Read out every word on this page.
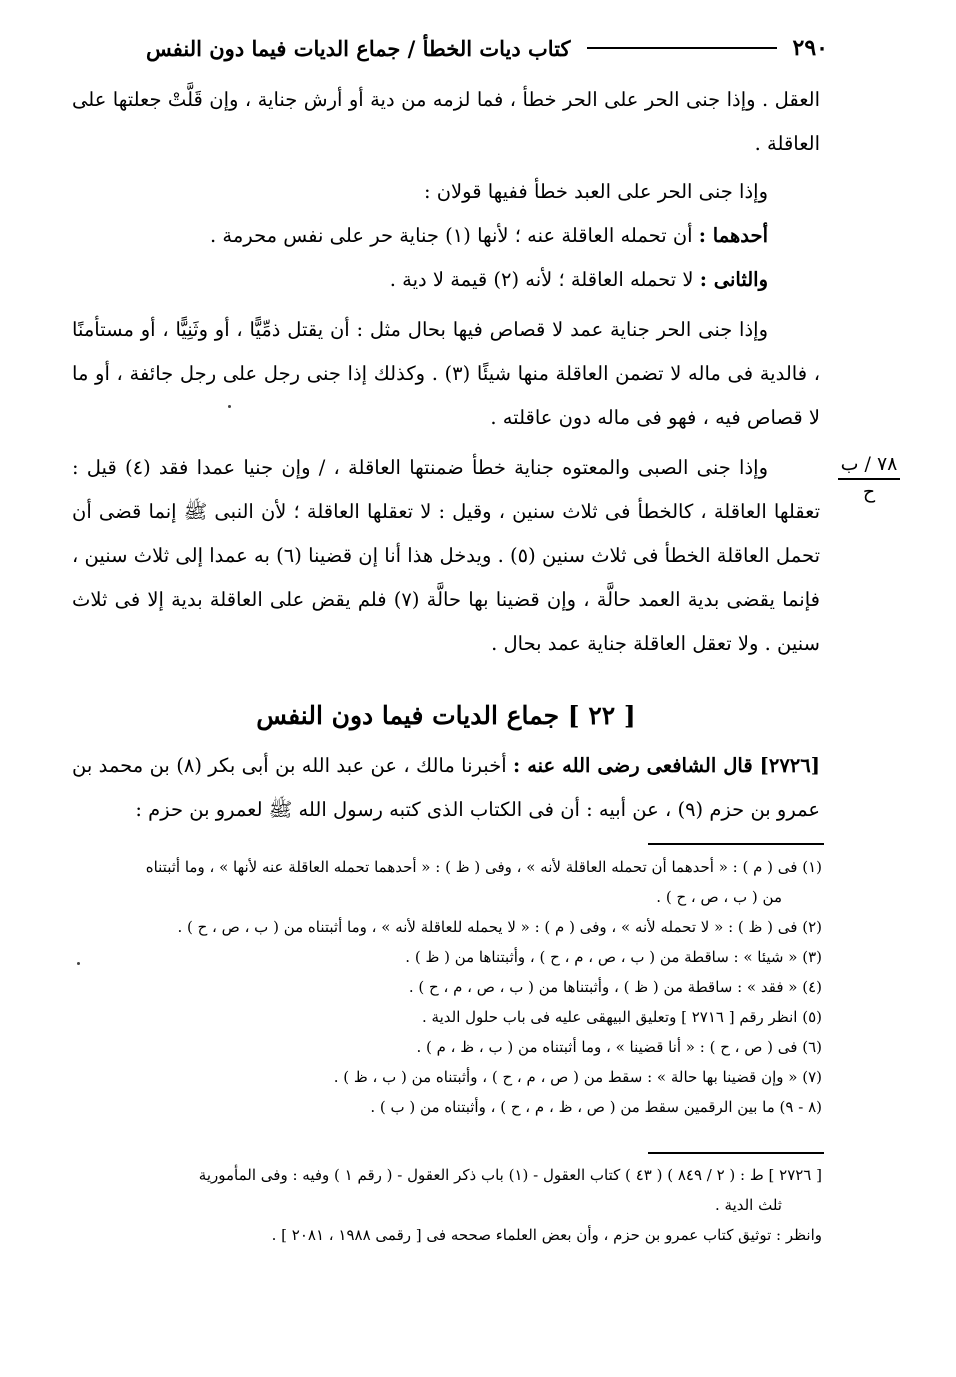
٢٩٠
كتاب ديات الخطأ / جماع الديات فيما دون النفس

العقل . وإذا جنى الحر على الحر خطأ ، فما لزمه من دية أو أرش جناية ، وإن قَلَّتْ جعلتها على العاقلة .

وإذا جنى الحر على العبد خطأ ففيها قولان :

أحدهما : أن تحمله العاقلة عنه ؛ لأنها (١) جناية حر على نفس محرمة .

والثانى : لا تحمله العاقلة ؛ لأنه (٢) قيمة لا دية .

وإذا جنى الحر جناية عمد لا قصاص فيها بحال مثل : أن يقتل ذمِّيًّا ، أو وثَنِيًّا ، أو مستأمنًا ، فالدية فى ماله لا تضمن العاقلة منها شيئًا (٣) . وكذلك إذا جنى رجل على رجل جائفة ، أو ما لا قصاص فيه ، فهو فى ماله دون عاقلته .

وإذا جنى الصبى والمعتوه جناية خطأ ضمنتها العاقلة ، / وإن جنيا عمدا فقد (٤) قيل : تعقلها العاقلة ، كالخطأ فى ثلاث سنين ، وقيل : لا تعقلها العاقلة ؛ لأن النبى ﷺ إنما قضى أن تحمل العاقلة الخطأ فى ثلاث سنين (٥) . ويدخل هذا أنا إن قضينا (٦) به عمدا إلى ثلاث سنين ، فإنما يقضى بدية العمد حالَّة ، وإن قضينا بها حالَّة (٧) فلم يقض على العاقلة بدية إلا فى ثلاث سنين . ولا تعقل العاقلة جناية عمد بحال .

٧٨ / ب
ح
[ ٢٢ ] جماع الديات فيما دون النفس

[٢٧٢٦] قال الشافعى رضى الله عنه : أخبرنا مالك ، عن عبد الله بن أبى بكر (٨) بن محمد بن عمرو بن حزم (٩) ، عن أبيه : أن فى الكتاب الذى كتبه رسول الله ﷺ لعمرو بن حزم :

(١) فى ( م ) : « أحدهما أن تحمله العاقلة لأنه » ، وفى ( ظ ) : « أحدهما تحمله العاقلة عنه لأنها » ، وما أثبتناه

من ( ب ، ص ، ح ) .

(٢) فى ( ظ ) : « لا تحمله لأنه » ، وفى ( م ) : « لا يحمله للعاقلة لأنه » ، وما أثبتناه من ( ب ، ص ، ح ) .

(٣) « شيئا » : ساقطة من ( ب ، ص ، م ، ح ) ، وأثبتناها من ( ظ ) .

(٤) « فقد » : ساقطة من ( ظ ) ، وأثبتناها من ( ب ، ص ، م ، ح ) .

(٥) انظر رقم [ ٢٧١٦ ] وتعليق البيهقى عليه فى باب حلول الدية .

(٦) فى ( ص ، ح ) : « أنا قضينا » ، وما أثبتناه من ( ب ، ظ ، م ) .

(٧) « وإن قضينا بها حالة » : سقط من ( ص ، م ، ح ) ، وأثبتناه من ( ب ، ظ ) .

(٨ - ٩) ما بين الرقمين سقط من ( ص ، ظ ، م ، ح ) ، وأثبتناه من ( ب ) .

[ ٢٧٢٦ ] ط : ( ٢ / ٨٤٩ ) ( ٤٣ ) كتاب العقول - (١) باب ذكر العقول - ( رقم ١ ) وفيه : وفى المأمورية

ثلث الدية .

وانظر : توثيق كتاب عمرو بن حزم ، وأن بعض العلماء صححه فى [ رقمى ١٩٨٨ ، ٢٠٨١ ] .
